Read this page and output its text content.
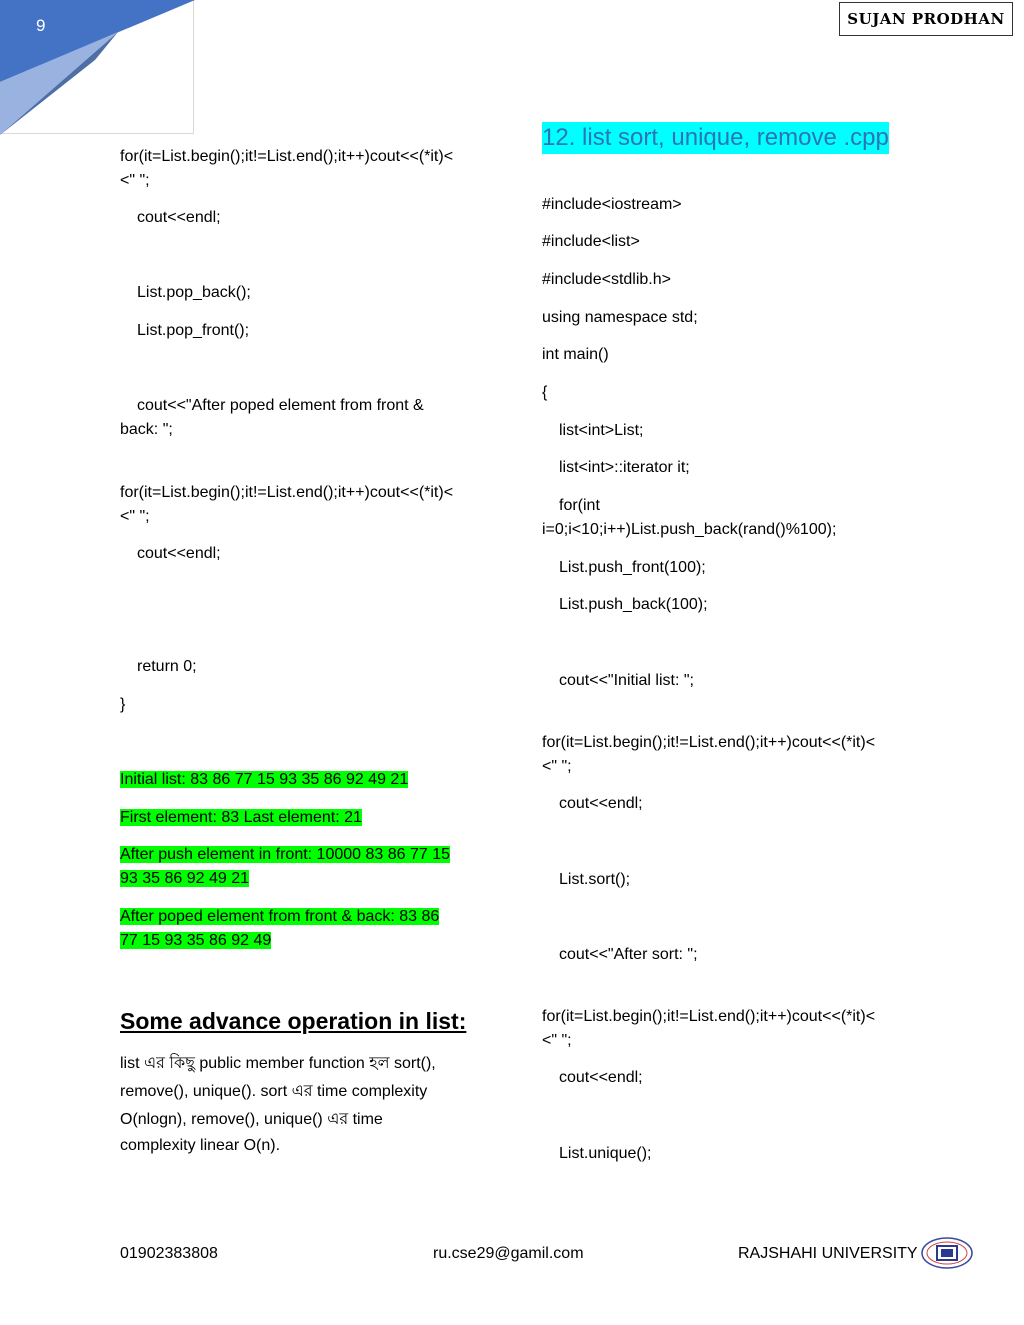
9	SUJAN PRODHAN

for(it=List.begin();it!=List.end();it++)cout<<(*it)<

<" ";

cout<<endl;

List.pop_back();

List.pop_front();

cout<<"After poped element from front &

back: ";

for(it=List.begin();it!=List.end();it++)cout<<(*it)<

<" ";

cout<<endl;

return 0;

}

Initial list: 83 86 77 15 93 35 86 92 49 21

First element: 83 Last element: 21

After push element in front: 10000 83 86 77 15

93 35 86 92 49 21

After poped element from front & back: 83 86

77 15 93 35 86 92 49

Some advance operation in list:

list এর কিছু public member function হল sort(),

remove(), unique(). sort এর time complexity

O(nlogn), remove(), unique() এর time

complexity linear O(n).

12. list sort, unique, remove .cpp

#include<iostream>

#include<list>

#include<stdlib.h>

using namespace std;

int main()

{

list<int>List;

list<int>::iterator it;

for(int

i=0;i<10;i++)List.push_back(rand()%100);

List.push_front(100);

List.push_back(100);

cout<<"Initial list: ";

for(it=List.begin();it!=List.end();it++)cout<<(*it)<

<" ";

cout<<endl;

List.sort();

cout<<"After sort: ";

for(it=List.begin();it!=List.end();it++)cout<<(*it)<

<" ";

cout<<endl;

List.unique();

01902383808	ru.cse29@gamil.com	RAJSHAHI UNIVERSITY
